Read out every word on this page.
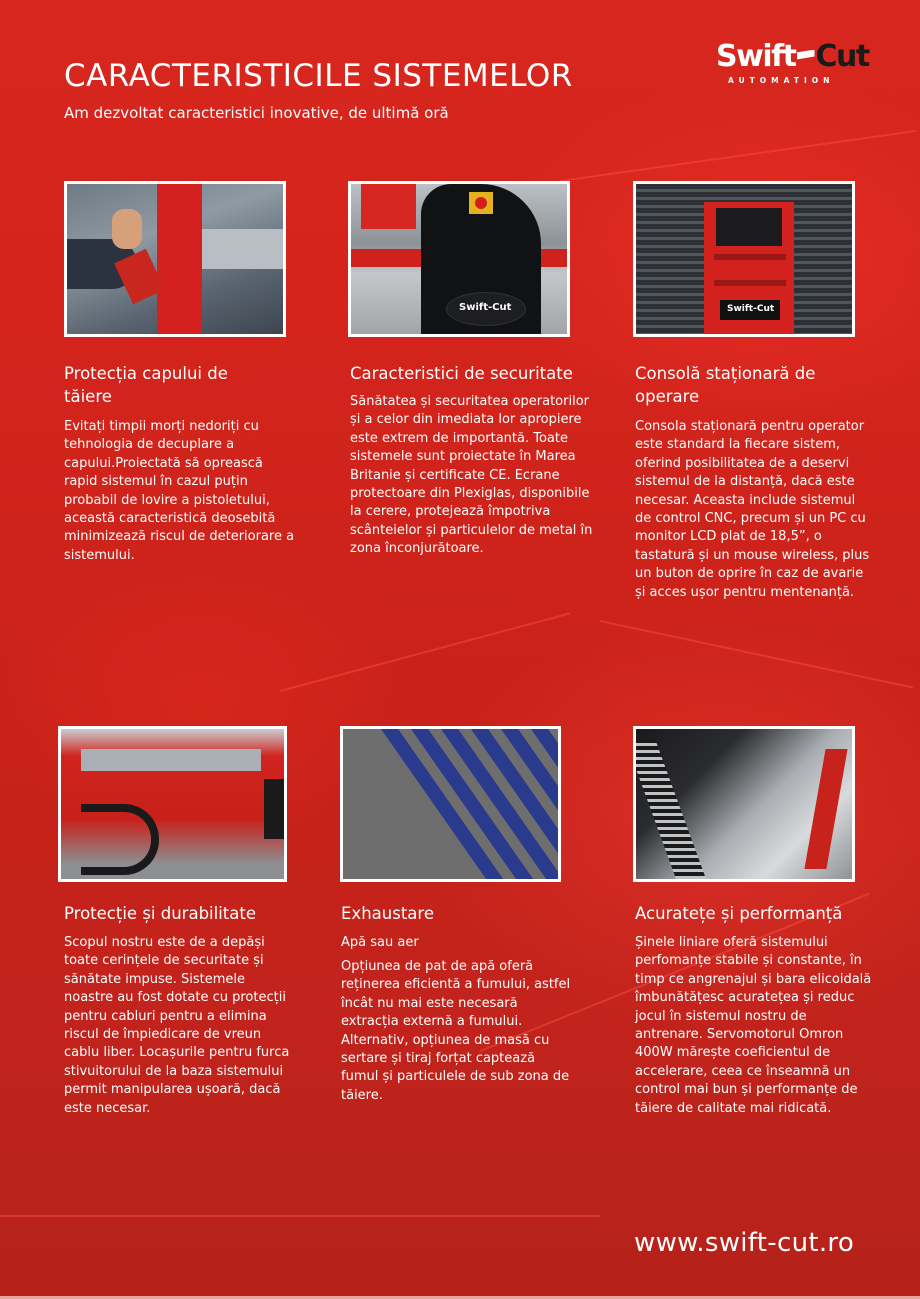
CARACTERISTICILE SISTEMELOR

Am dezvoltat caracteristici inovative, de ultimă oră

Swift Cut
AUTOMATION
Swift-Cut	Swift-Cut
Protecția capului de tăiere

Evitați timpii morți nedoriți cu tehnologia de decuplare a capului.Proiectată să oprească rapid sistemul în cazul puțin probabil de lovire a pistoletului, această caracteristică deosebită minimizează riscul de deteriorare a sistemului.

Caracteristici de securitate

Sănătatea și securitatea operatorilor și a celor din imediata lor apropiere este extrem de importantă. Toate sistemele sunt proiectate în Marea Britanie și certificate CE. Ecrane protectoare din Plexiglas, disponibile la cerere, protejează împotriva scânteielor și particulelor de metal în zona înconjurătoare.

Consolă staționară de operare

Consola staționară pentru operator este standard la fiecare sistem, oferind posibilitatea de a deservi sistemul de la distanță, dacă este necesar. Aceasta include sistemul de control CNC, precum și un PC cu monitor LCD plat de 18,5”, o tastatură și un mouse wireless, plus un buton de oprire în caz de avarie și acces ușor pentru mentenanță.

Protecție și durabilitate

Scopul nostru este de a depăși toate cerințele de securitate și sănătate impuse. Sistemele noastre au fost dotate cu protecții pentru cabluri pentru a elimina riscul de împiedicare de vreun cablu liber. Locașurile pentru furca stivuitorului de la baza sistemului permit manipularea ușoară, dacă este necesar.

Exhaustare

Apă sau aer

Opțiunea de pat de apă oferă reținerea eficientă a fumului, astfel încât nu mai este necesară extracția externă a fumului. Alternativ, opțiunea de masă cu sertare și tiraj forțat captează fumul și particulele de sub zona de tăiere.

Acuratețe și performanță

Șinele liniare oferă sistemului perfomanțe stabile și constante, în timp ce angrenajul și bara elicoidală îmbunătățesc acuratețea și reduc jocul în sistemul nostru de antrenare. Servomotorul Omron 400W mărește coeficientul de accelerare, ceea ce înseamnă un control mai bun și performanțe de tăiere de calitate mai ridicată.

www.swift-cut.ro
